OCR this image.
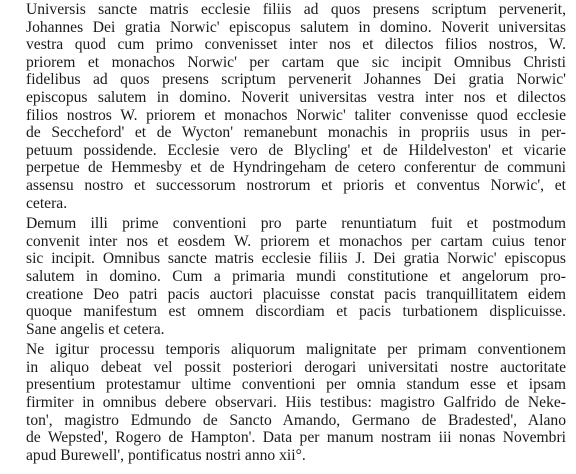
Universis sancte matris ecclesie filiis ad quos presens scriptum pervenerit,
Johannes Dei gratia Norwic' episcopus salutem in domino. Noverit universitas
vestra quod cum primo convenisset inter nos et dilectos filios nostros, W.
priorem et monachos Norwic' per cartam que sic incipit Omnibus Christi
fidelibus ad quos presens scriptum pervenerit Johannes Dei gratia Norwic'
episcopus salutem in domino. Noverit universitas vestra inter nos et dilectos
filios nostros W. priorem et monachos Norwic' taliter convenisse quod ecclesie
de Seccheford' et de Wycton' remanebunt monachis in propriis usus in per-
petuum possidende. Ecclesie vero de Blycling' et de Hildelveston' et vicarie
perpetue de Hemmesby et de Hyndringeham de cetero conferentur de communi
assensu nostro et successorum nostrorum et prioris et conventus Norwic', et
cetera.

Demum illi prime conventioni pro parte renuntiatum fuit et postmodum
convenit inter nos et eosdem W. priorem et monachos per cartam cuius tenor
sic incipit. Omnibus sancte matris ecclesie filiis J. Dei gratia Norwic' episcopus
salutem in domino. Cum a primaria mundi constitutione et angelorum pro-
creatione Deo patri pacis auctori placuisse constat pacis tranquillitatem eidem
quoque manifestum est omnem discordiam et pacis turbationem displicuisse.
Sane angelis et cetera.

Ne igitur processu temporis aliquorum malignitate per primam conventionem
in aliquo debeat vel possit posteriori derogari universitati nostre auctoritate
presentium protestamur ultime conventioni per omnia standum esse et ipsam
firmiter in omnibus debere observari. Hiis testibus: magistro Galfrido de Neke-
ton', magistro Edmundo de Sancto Amando, Germano de Bradested', Alano
de Wepsted', Rogero de Hampton'. Data per manum nostram iii nonas Novembri
apud Burewell', pontificatus nostri anno xii°.
